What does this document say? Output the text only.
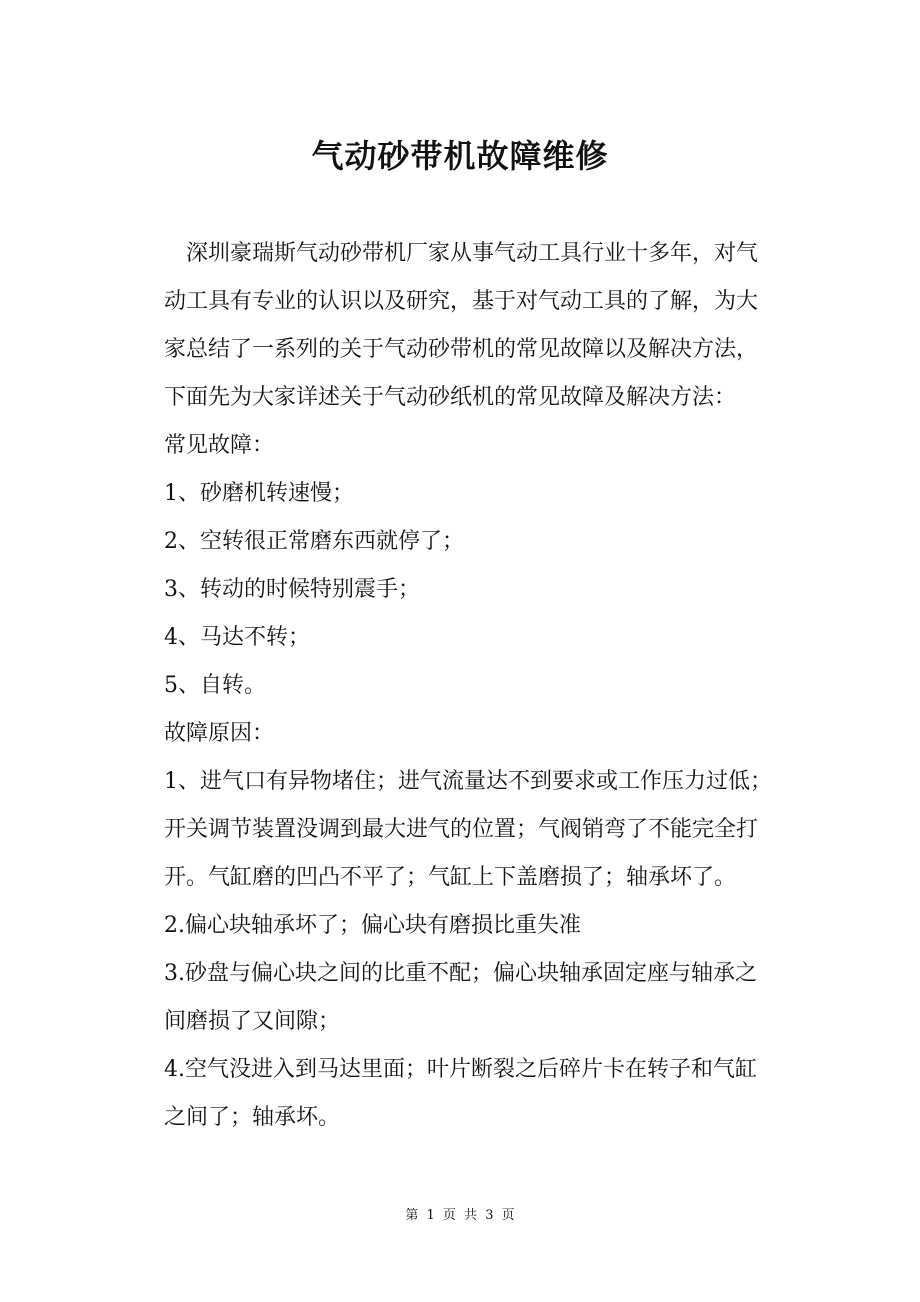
气动砂带机故障维修
　深圳豪瑞斯气动砂带机厂家从事气动工具行业十多年，对气
动工具有专业的认识以及研究，基于对气动工具的了解，为大
家总结了一系列的关于气动砂带机的常见故障以及解决方法，
下面先为大家详述关于气动砂纸机的常见故障及解决方法：
常见故障：
1、砂磨机转速慢；
2、空转很正常磨东西就停了；
3、转动的时候特别震手；
4、马达不转；
5、自转。
故障原因：
1、进气口有异物堵住；进气流量达不到要求或工作压力过低；
开关调节装置没调到最大进气的位置；气阀销弯了不能完全打
开。气缸磨的凹凸不平了；气缸上下盖磨损了；轴承坏了。
2.偏心块轴承坏了；偏心块有磨损比重失准
3.砂盘与偏心块之间的比重不配；偏心块轴承固定座与轴承之
间磨损了又间隙；
4.空气没进入到马达里面；叶片断裂之后碎片卡在转子和气缸
之间了；轴承坏。
第 1 页 共 3 页
